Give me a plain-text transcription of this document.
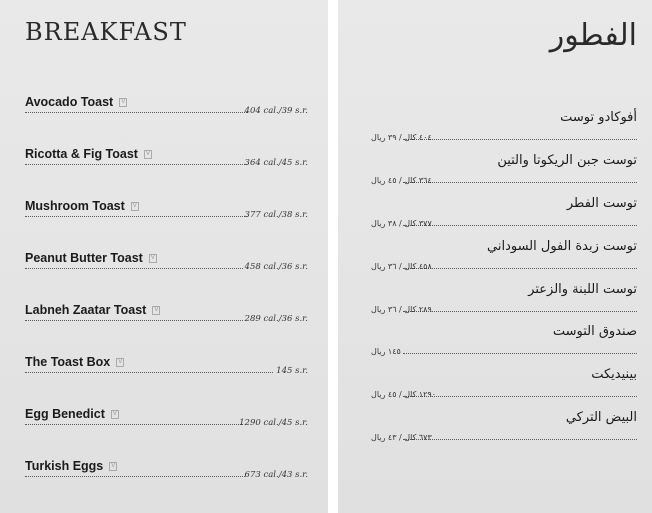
BREAKFAST
Avocado Toast V
404 cal./39 s.r.
Ricotta & Fig Toast V
364 cal./45 s.r.
Mushroom Toast V
377 cal./38 s.r.
Peanut Butter Toast V
458 cal./36 s.r.
Labneh Zaatar Toast V
289 cal./36 s.r.
The Toast Box V
145 s.r.
Egg Benedict V
1290 cal./45 s.r.
Turkish Eggs V
673 cal./43 s.r.
الفطور
أفوكادو توست
٤٠٤ كال / ٣٩ ريال
توست جبن الريكوتا والتين
٣٦٤ كال / ٤٥ ريال
توست الفطر
٣٧٧ كال / ٣٨ ريال
توست زبدة الفول السوداني
٤٥٨ كال / ٣٦ ريال
توست اللبنة والزعتر
٢٨٩ كال / ٣٦ ريال
صندوق التوست
١٤٥ ريال
بينيديكت
١٢٩٠ كال / ٤٥ ريال
البيض التركي
٦٧٣ كال / ٤٣ ريال
